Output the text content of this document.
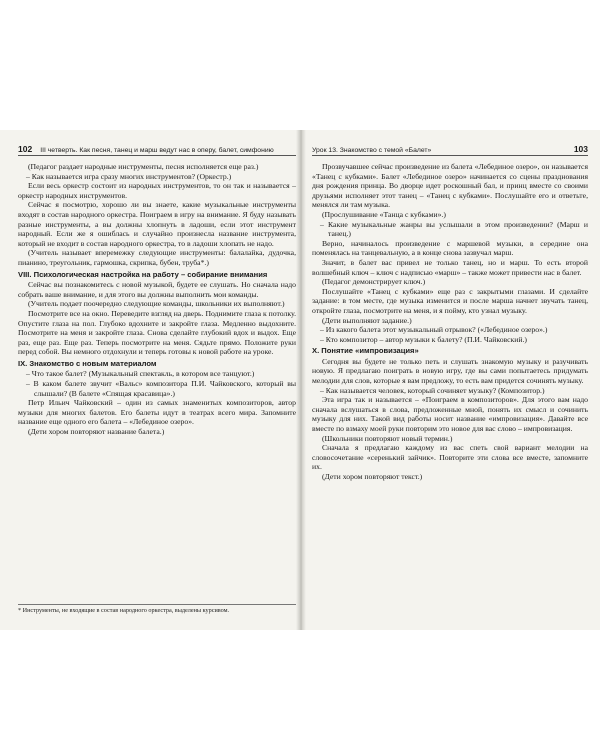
102 III четверть. Как песня, танец и марш ведут нас в оперу, балет, симфонию

(Педагог раздает народные инструменты, песня исполняется еще раз.)

– Как называется игра сразу многих инструментов? (Оркестр.)

Если весь оркестр состоит из народных инструментов, то он так и называется – оркестр народных инструментов.

Сейчас я посмотрю, хорошо ли вы знаете, какие музыкальные инструменты входят в состав народного оркестра. Поиграем в игру на внимание. Я буду называть разные инструменты, а вы должны хлопнуть в ладоши, если этот инструмент народный. Если же я ошиблась и случайно произнесла название инструмента, который не входит в состав народного оркестра, то в ладоши хлопать не надо.

(Учитель называет вперемежку следующие инструменты: балалайка, дудочка, пианино, треугольник, гармошка, скрипка, бубен, труба*.)

VIII. Психологическая настройка на работу – собирание внимания

Сейчас вы познакомитесь с новой музыкой, будете ее слушать. Но сначала надо собрать ваше внимание, и для этого вы должны выполнить мои команды.

(Учитель подает поочередно следующие команды, школьники их выполняют.)

Посмотрите все на окно. Переведите взгляд на дверь. Поднимите глаза к потолку. Опустите глаза на пол. Глубоко вдохните и закройте глаза. Медленно выдохните. Посмотрите на меня и закройте глаза. Снова сделайте глубокий вдох и выдох. Еще раз, еще раз. Еще раз. Теперь посмотрите на меня. Сядьте прямо. Положите руки перед собой. Вы немного отдохнули и теперь готовы к новой работе на уроке.

IX. Знакомство с новым материалом

– Что такое балет? (Музыкальный спектакль, в котором все танцуют.)

– В каком балете звучит «Вальс» композитора П.И. Чайковского, который вы слышали? (В балете «Спящая красавица».)

Петр Ильич Чайковский – один из самых знаменитых композиторов, автор музыки для многих балетов. Его балеты идут в театрах всего мира. Запомните название еще одного его балета – «Лебединое озеро».

(Дети хором повторяют название балета.)

* Инструменты, не входящие в состав народного оркестра, выделены курсивом.
Урок 13. Знакомство с темой «Балет»	103

Прозвучавшее сейчас произведение из балета «Лебединое озеро», он называется «Танец с кубками». Балет «Лебединое озеро» начинается со сцены празднования дня рождения принца. Во дворце идет роскошный бал, и принц вместе со своими друзьями исполняет этот танец – «Танец с кубками». Послушайте его и ответьте, менялся ли там музыка.

(Прослушивание «Танца с кубками».)

– Какие музыкальные жанры вы услышали в этом произведении? (Марш и танец.)

Верно, начиналось произведение с маршевой музыки, в середине она поменялась на танцевальную, а в конце снова зазвучал марш.

Значит, в балет вас привел не только танец, но и марш. То есть второй волшебный ключ – ключ с надписью «марш» – также может привести нас в балет.

(Педагог демонстрирует ключ.)

Послушайте «Танец с кубками» еще раз с закрытыми глазами. И сделайте задание: в том месте, где музыка изменится и после марша начнет звучать танец, откройте глаза, посмотрите на меня, и я пойму, кто узнал музыку.

(Дети выполняют задание.)

– Из какого балета этот музыкальный отрывок? («Лебединое озеро».)

– Кто композитор – автор музыки к балету? (П.И. Чайковский.)

X. Понятие «импровизация»

Сегодня вы будете не только петь и слушать знакомую музыку и разучивать новую. Я предлагаю поиграть в новую игру, где вы сами попытаетесь придумать мелодии для слов, которые я вам предложу, то есть вам придется сочинять музыку.

– Как называется человек, который сочиняет музыку? (Композитор.)

Эта игра так и называется – «Поиграем в композиторов». Для этого вам надо сначала вслушаться в слова, предложенные мной, понять их смысл и сочинить музыку для них. Такой вид работы носит название «импровизация». Давайте все вместе по взмаху моей руки повторим это новое для вас слово – импровизация.

(Школьники повторяют новый термин.)

Сначала я предлагаю каждому из вас спеть свой вариант мелодии на словосочетание «серенький зайчик». Повторите эти слова все вместе, запомните их.

(Дети хором повторяют текст.)
